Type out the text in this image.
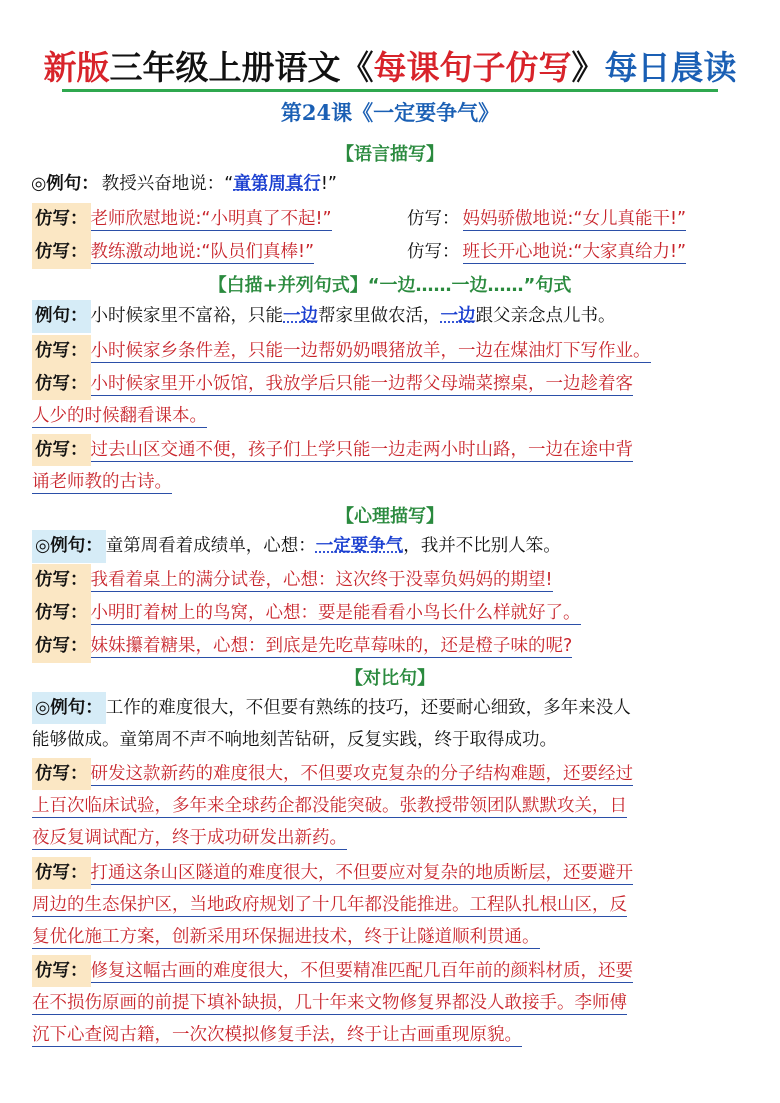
新版三年级上册语文《每课句子仿写》每日晨读
第24课《一定要争气》
【语言描写】
◎例句： 教授兴奋地说：“童第周真行!”
仿写： 老师欣慰地说:“小明真了不起!”	仿写： 妈妈骄傲地说:“女儿真能干!”
仿写： 教练激动地说:“队员们真棒!”	仿写： 班长开心地说:“大家真给力!”
【白描+并列句式】“一边……一边……”句式
例句： 小时候家里不富裕，只能一边帮家里做农活，一边跟父亲念点儿书。
仿写： 小时候家乡条件差，只能一边帮奶奶喂猪放羊，一边在煤油灯下写作业。
仿写： 小时候家里开小饭馆，我放学后只能一边帮父母端菜擦桌，一边趁着客
人少的时候翻看课本。
仿写： 过去山区交通不便，孩子们上学只能一边走两小时山路，一边在途中背
诵老师教的古诗。
【心理描写】
◎例句： 童第周看着成绩单，心想：一定要争气，我并不比别人笨。
仿写： 我看着桌上的满分试卷，心想：这次终于没辜负妈妈的期望!
仿写： 小明盯着树上的鸟窝，心想：要是能看看小鸟长什么样就好了。
仿写： 妹妹攥着糖果，心想：到底是先吃草莓味的，还是橙子味的呢?
【对比句】
◎例句： 工作的难度很大，不但要有熟练的技巧，还要耐心细致，多年来没人
能够做成。童第周不声不响地刻苦钻研，反复实践，终于取得成功。
仿写： 研发这款新药的难度很大，不但要攻克复杂的分子结构难题，还要经过
上百次临床试验，多年来全球药企都没能突破。张教授带领团队默默攻关，日
夜反复调试配方，终于成功研发出新药。
仿写： 打通这条山区隧道的难度很大，不但要应对复杂的地质断层，还要避开
周边的生态保护区，当地政府规划了十几年都没能推进。工程队扎根山区，反
复优化施工方案，创新采用环保掘进技术，终于让隧道顺利贯通。
仿写： 修复这幅古画的难度很大，不但要精准匹配几百年前的颜料材质，还要
在不损伤原画的前提下填补缺损，几十年来文物修复界都没人敢接手。李师傅
沉下心查阅古籍，一次次模拟修复手法，终于让古画重现原貌。
